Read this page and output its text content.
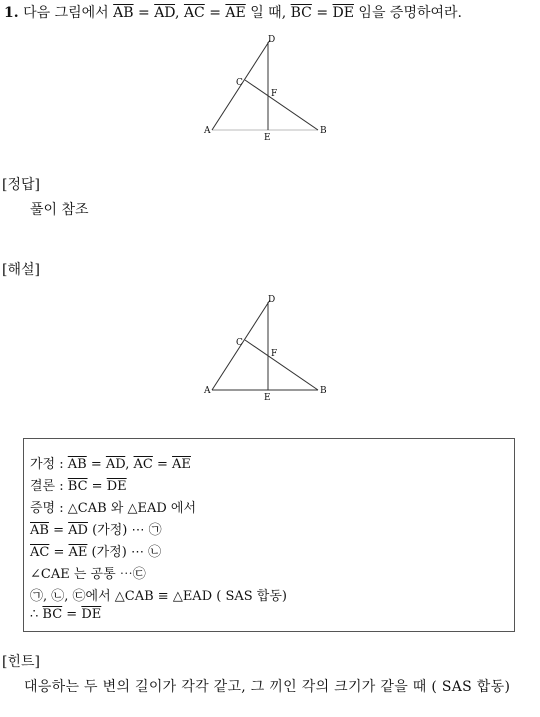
1. 다음 그림에서 $\overline{AB} = \overline{AD}$, $\overline{AC} = \overline{AE}$ 일 때, $\overline{BC} = \overline{DE}$ 임을 증명하여라.
A	B
C
D
E
F
[정답]
풀이 참조
[해설]
A	B
C
D
E
F
가정 : $\overline{AB} = \overline{AD}$, $\overline{AC} = \overline{AE}$
결론 : $\overline{BC} = \overline{DE}$
증명 : △CAB 와 △EAD 에서
$\overline{AB} = \overline{AD}$ (가정) ⋯ ㉠
$\overline{AC} = \overline{AE}$ (가정) ⋯ ㉡
∠CAE 는 공통 ⋯㉢
㉠, ㉡, ㉢에서 △CAB ≡ △EAD ( SAS 합동)
∴ $\overline{BC} = \overline{DE}$
[힌트]
대응하는 두 변의 길이가 각각 같고, 그 끼인 각의 크기가 같을 때 ( SAS 합동)
